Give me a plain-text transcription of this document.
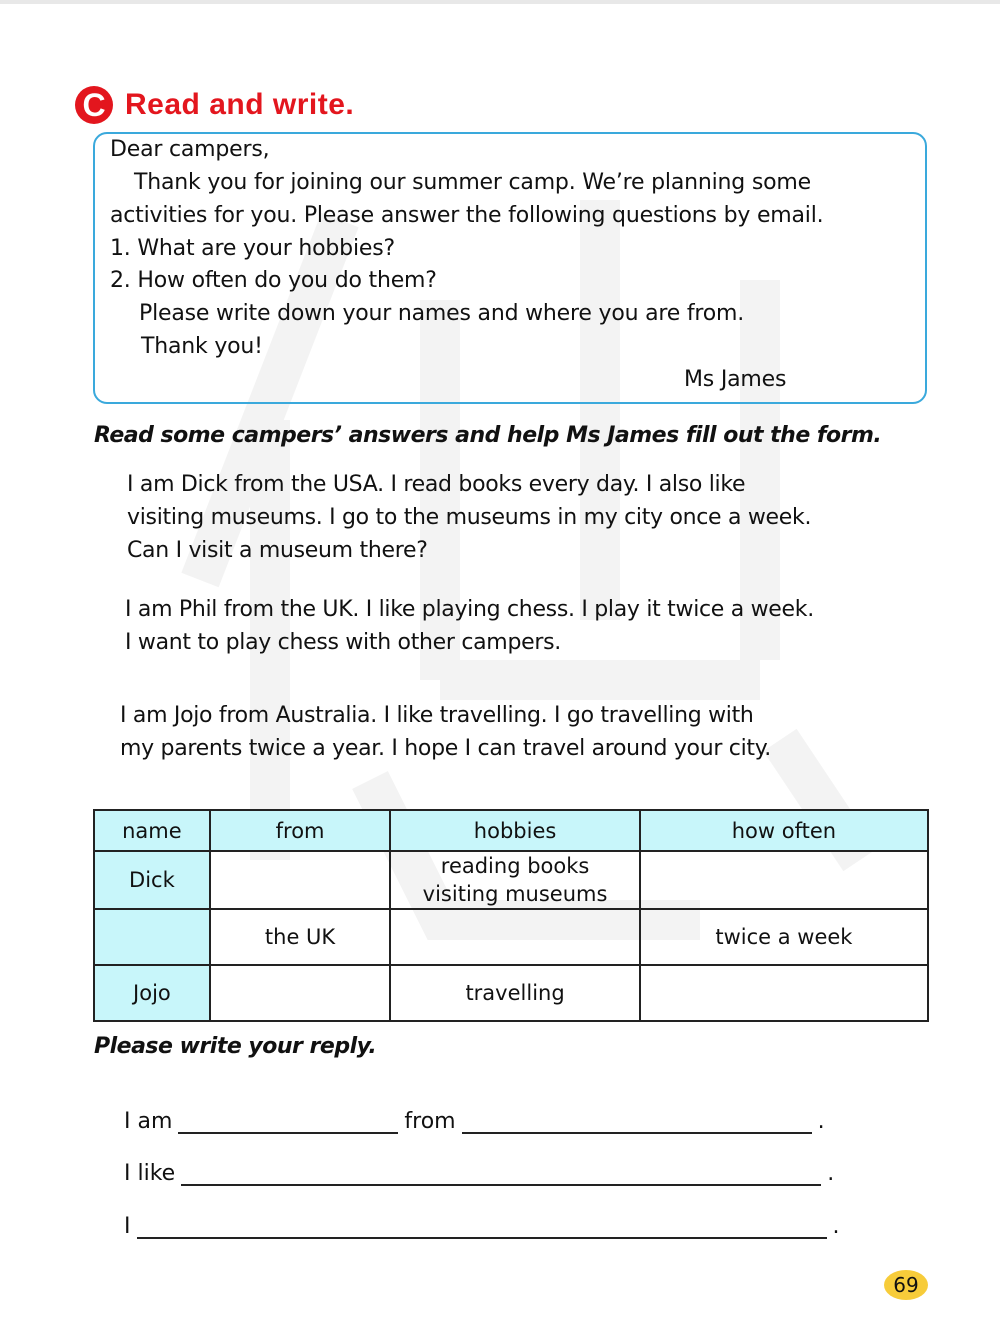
C Read and write.
Dear campers,
Thank you for joining our summer camp. We’re planning some
activities for you. Please answer the following questions by email.
1. What are your hobbies?
2. How often do you do them?
Please write down your names and where you are from.
Thank you!
Ms James
Read some campers’ answers and help Ms James fill out the form.
I am Dick from the USA. I read books every day. I also like
visiting museums. I go to the museums in my city once a week.
Can I visit a museum there?
I am Phil from the UK. I like playing chess. I play it twice a week.
I want to play chess with other campers.
I am Jojo from Australia. I like travelling. I go travelling with
my parents twice a year. I hope I can travel around your city.
name	from	hobbies	how often
Dick		reading books
visiting museums	

	the UK		twice a week
Jojo		travelling	

Please write your reply.
I am	from	.
I like	.
I	.
69
